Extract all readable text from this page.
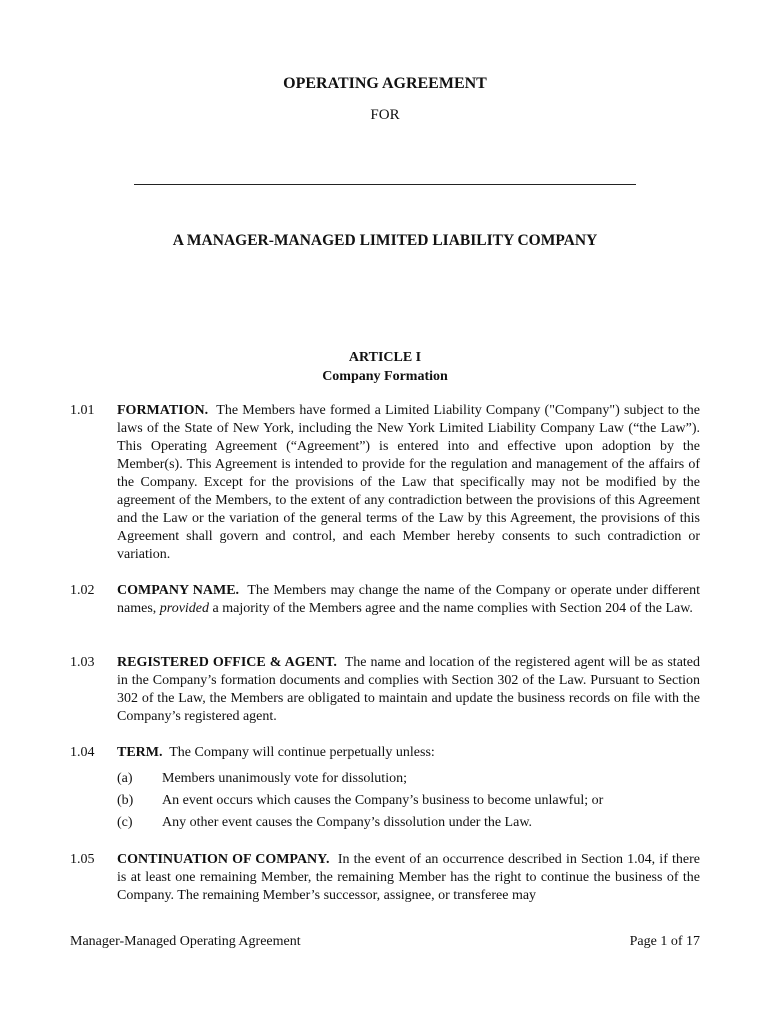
OPERATING AGREEMENT
FOR
A MANAGER-MANAGED LIMITED LIABILITY COMPANY
ARTICLE I
Company Formation
1.01	FORMATION. The Members have formed a Limited Liability Company ("Company") subject to the laws of the State of New York, including the New York Limited Liability Company Law (“the Law”). This Operating Agreement (“Agreement”) is entered into and effective upon adoption by the Member(s). This Agreement is intended to provide for the regulation and management of the affairs of the Company. Except for the provisions of the Law that specifically may not be modified by the agreement of the Members, to the extent of any contradiction between the provisions of this Agreement and the Law or the variation of the general terms of the Law by this Agreement, the provisions of this Agreement shall govern and control, and each Member hereby consents to such contradiction or variation.
1.02	COMPANY NAME. The Members may change the name of the Company or operate under different names, provided a majority of the Members agree and the name complies with Section 204 of the Law.
1.03	REGISTERED OFFICE & AGENT. The name and location of the registered agent will be as stated in the Company’s formation documents and complies with Section 302 of the Law. Pursuant to Section 302 of the Law, the Members are obligated to maintain and update the business records on file with the Company’s registered agent.
1.04	TERM. The Company will continue perpetually unless:
(a) Members unanimously vote for dissolution;
(b) An event occurs which causes the Company’s business to become unlawful; or
(c) Any other event causes the Company’s dissolution under the Law.
1.05	CONTINUATION OF COMPANY. In the event of an occurrence described in Section 1.04, if there is at least one remaining Member, the remaining Member has the right to continue the business of the Company. The remaining Member’s successor, assignee, or transferee may
Manager-Managed Operating Agreement	Page 1 of 17
